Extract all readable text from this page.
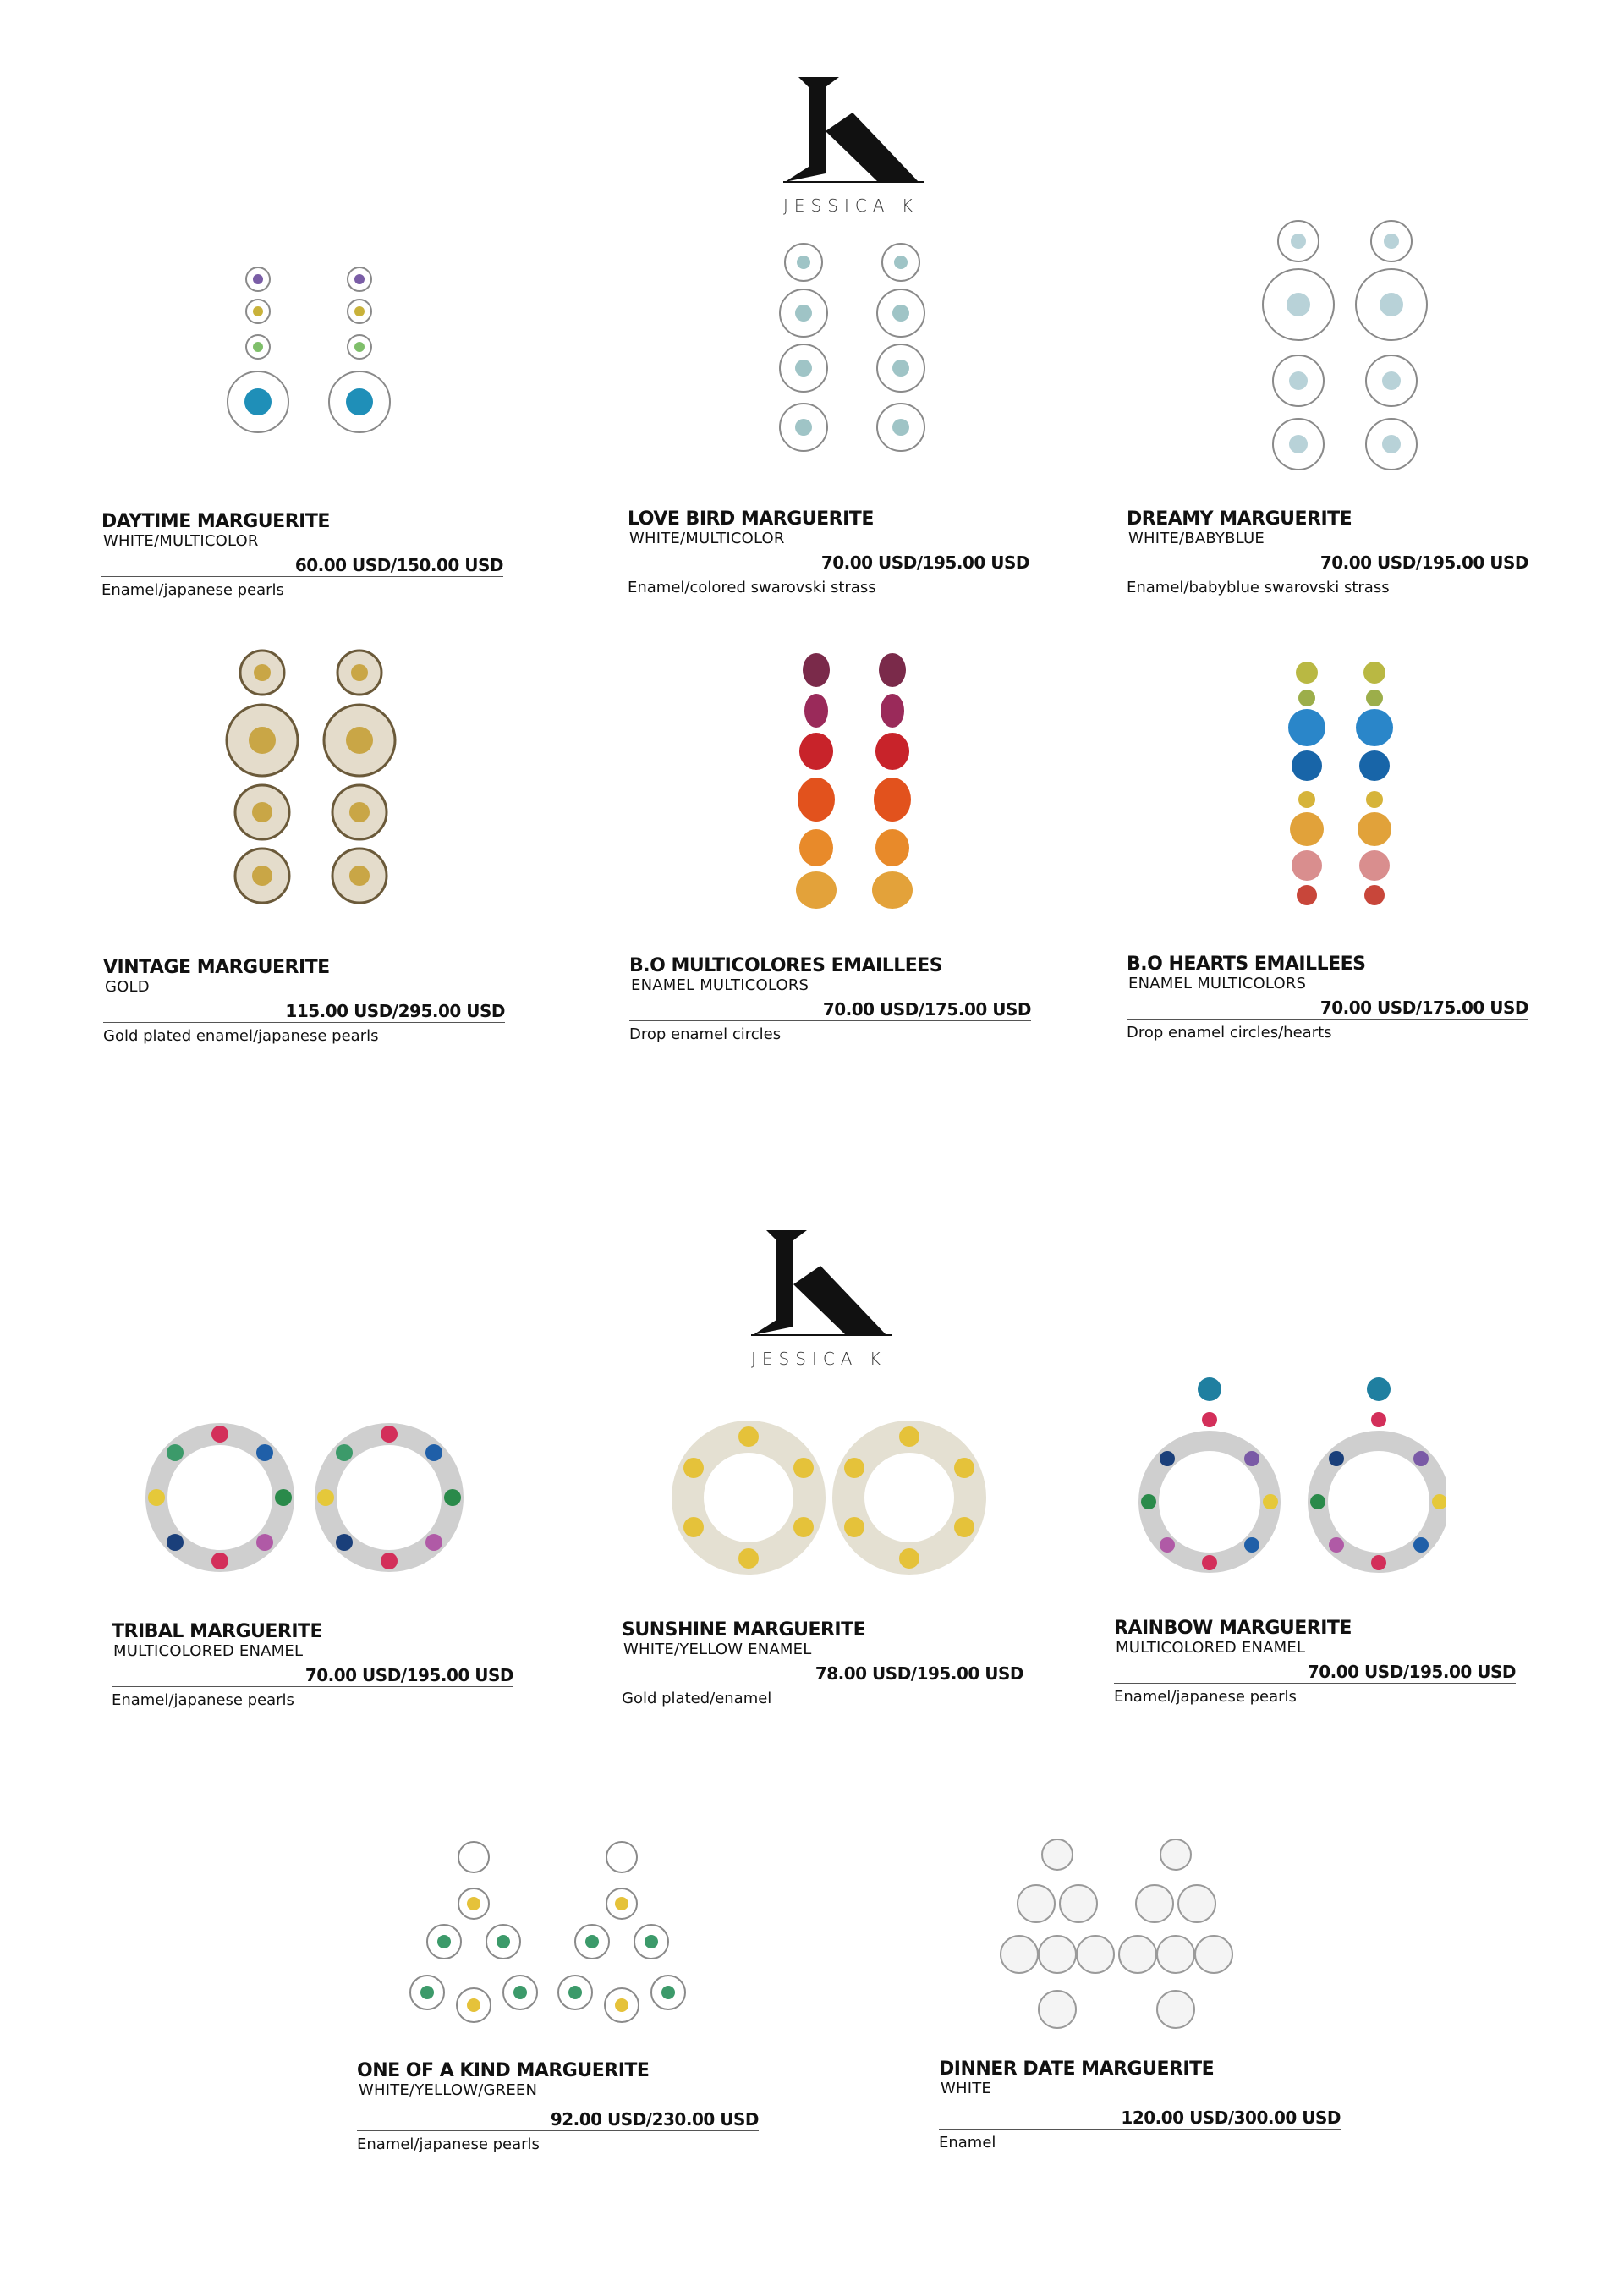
JESSICA K
JESSICA K
DAYTIME MARGUERITE
WHITE/MULTICOLOR
60.00 USD/150.00 USD
Enamel/japanese pearls
LOVE BIRD MARGUERITE
WHITE/MULTICOLOR
70.00 USD/195.00 USD
Enamel/colored swarovski strass
DREAMY MARGUERITE
WHITE/BABYBLUE
70.00 USD/195.00 USD
Enamel/babyblue swarovski strass
VINTAGE MARGUERITE
GOLD
115.00 USD/295.00 USD
Gold plated enamel/japanese pearls
B.O MULTICOLORES EMAILLEES
ENAMEL MULTICOLORS
70.00 USD/175.00 USD
Drop enamel circles
B.O HEARTS EMAILLEES
ENAMEL MULTICOLORS
70.00 USD/175.00 USD
Drop enamel circles/hearts
TRIBAL MARGUERITE
MULTICOLORED ENAMEL
70.00 USD/195.00 USD
Enamel/japanese pearls
SUNSHINE MARGUERITE
WHITE/YELLOW ENAMEL
78.00 USD/195.00 USD
Gold plated/enamel
RAINBOW MARGUERITE
MULTICOLORED ENAMEL
70.00 USD/195.00 USD
Enamel/japanese pearls
ONE OF A KIND MARGUERITE
WHITE/YELLOW/GREEN
92.00 USD/230.00 USD
Enamel/japanese pearls
DINNER DATE MARGUERITE
WHITE
120.00 USD/300.00 USD
Enamel
